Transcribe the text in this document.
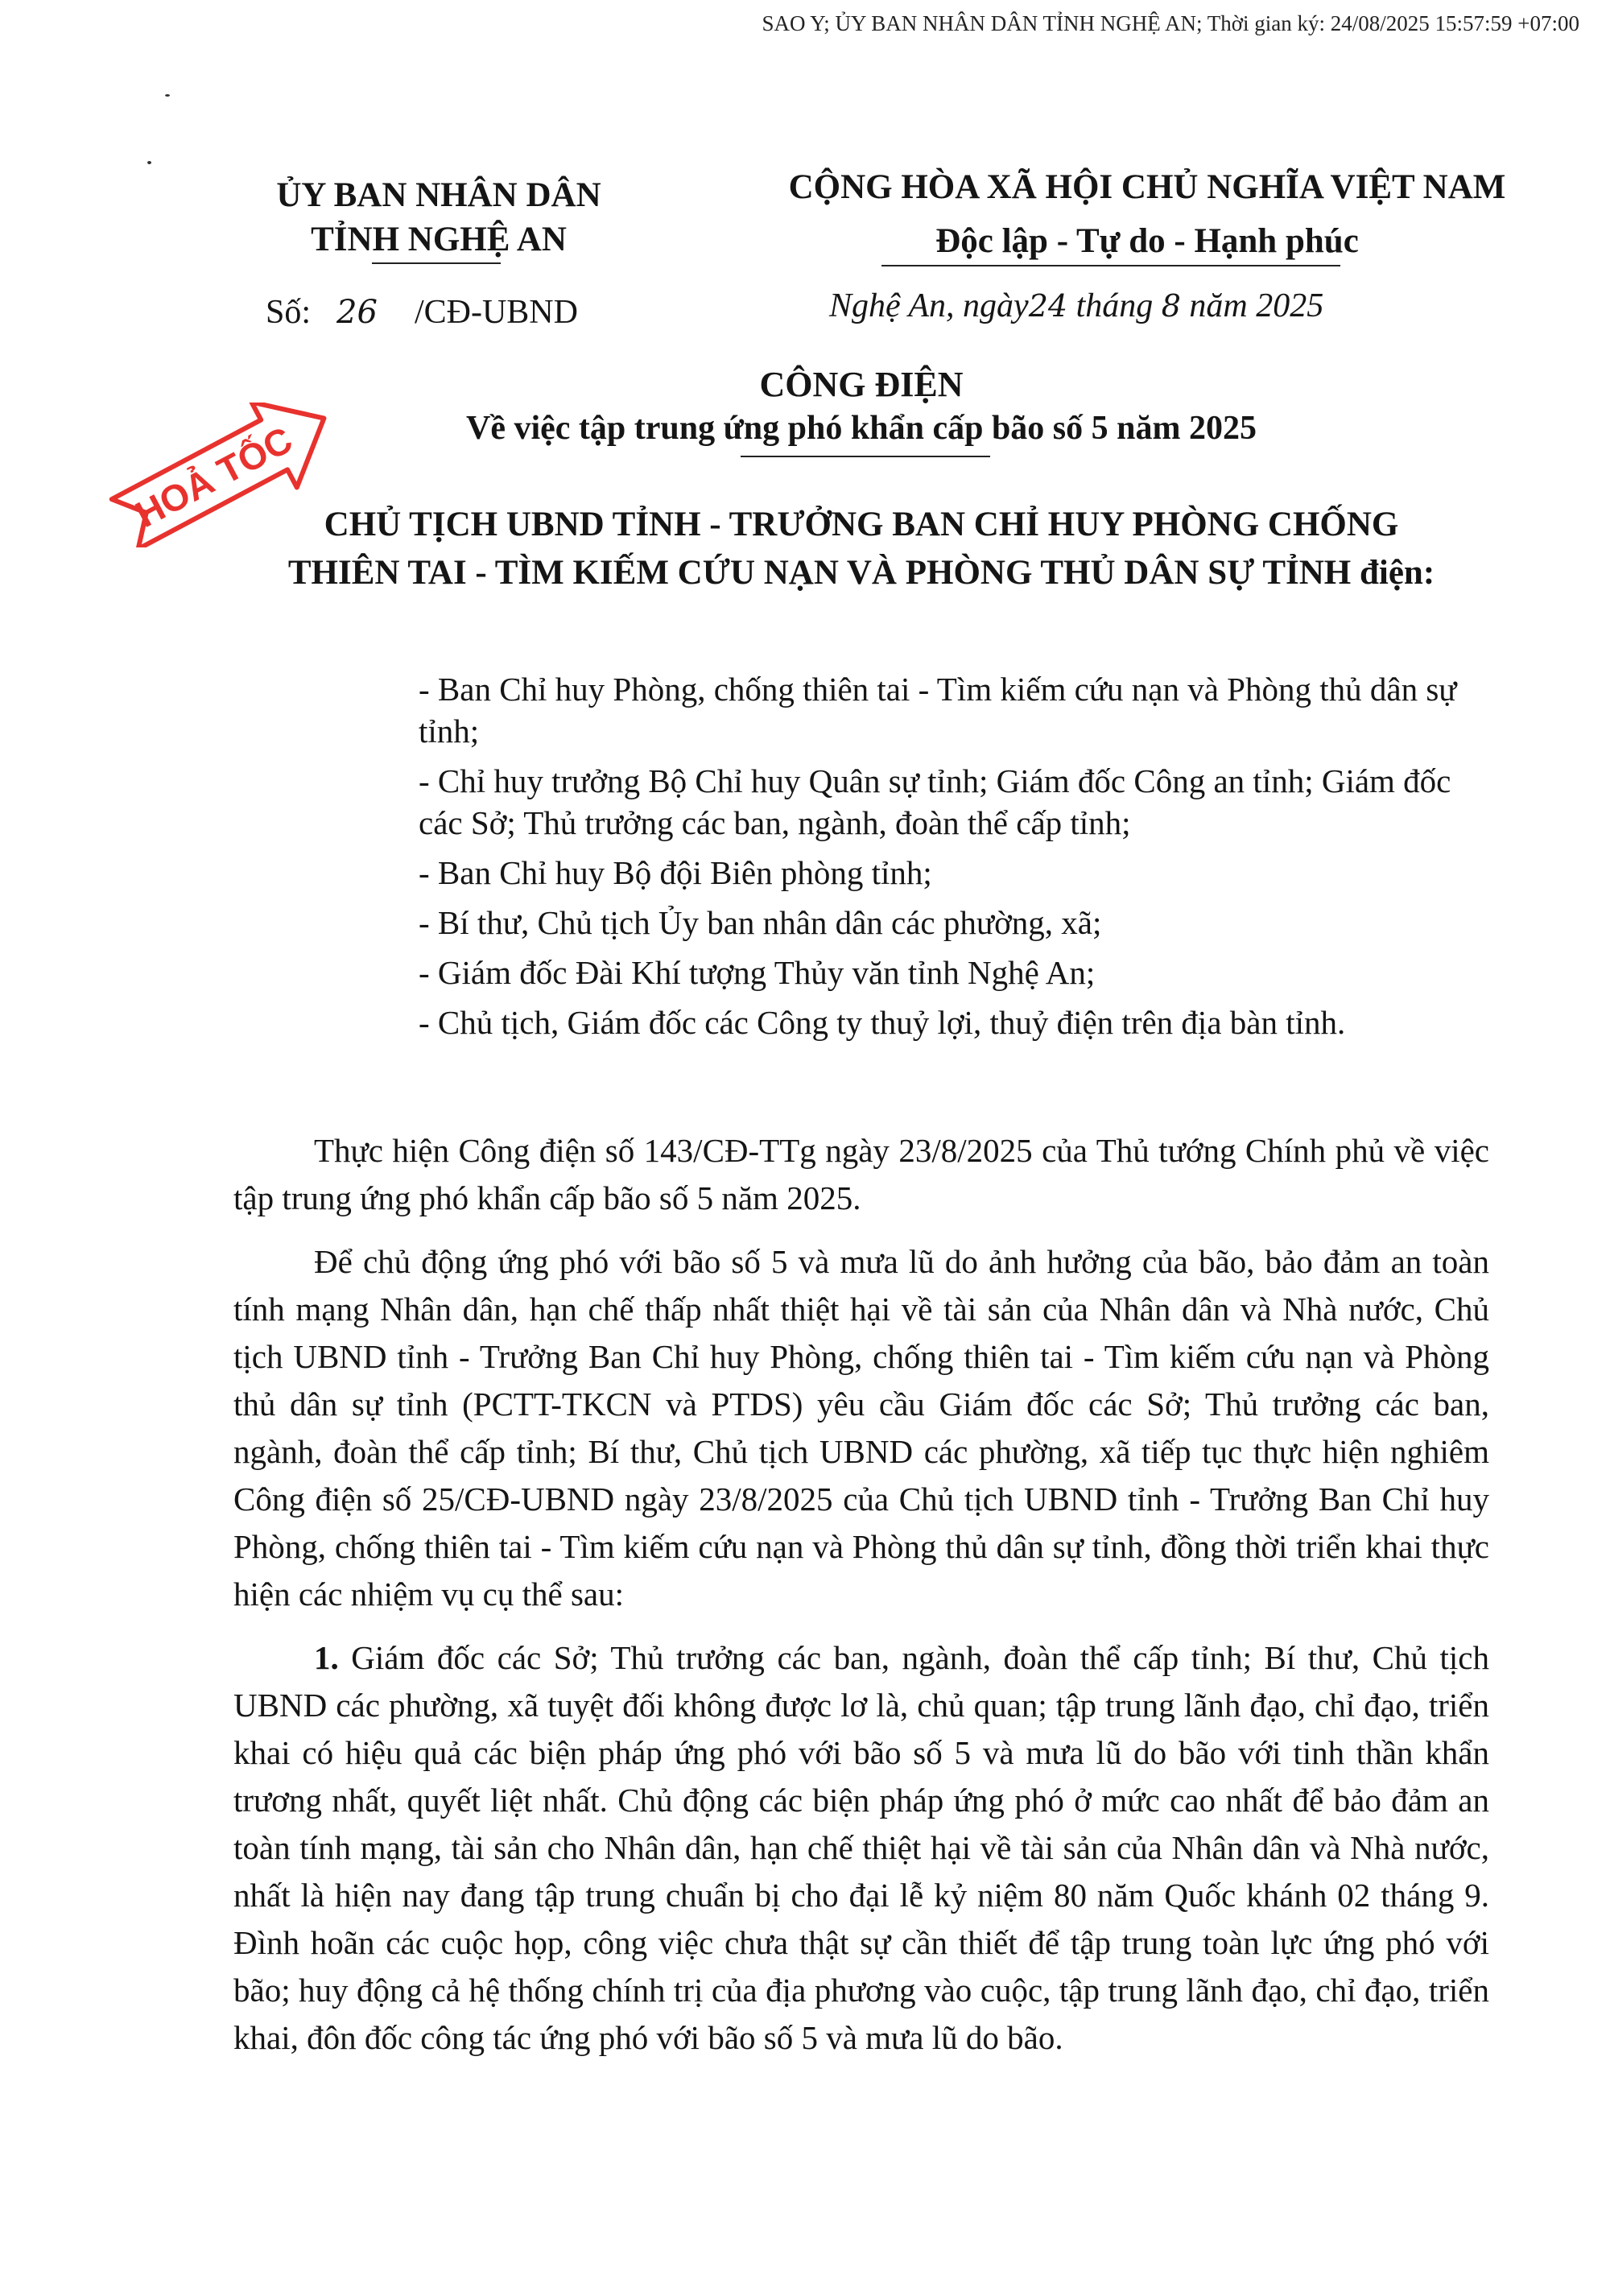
SAO Y; ỦY BAN NHÂN DÂN TỈNH NGHỆ AN; Thời gian ký: 24/08/2025 15:57:59 +07:00
ỦY BAN NHÂN DÂN
TỈNH NGHỆ AN
CỘNG HÒA XÃ HỘI CHỦ NGHĨA VIỆT NAM
Độc lập - Tự do - Hạnh phúc
Số: 26 /CĐ-UBND	Nghệ An, ngày24 tháng 8 năm 2025
CÔNG ĐIỆN
Về việc tập trung ứng phó khẩn cấp bão số 5 năm 2025
HOẢ TỐC CHỦ TỊCH UBND TỈNH - TRƯỞNG BAN CHỈ HUY PHÒNG CHỐNG
THIÊN TAI - TÌM KIẾM CỨU NẠN VÀ PHÒNG THỦ DÂN SỰ TỈNH điện:
- Ban Chỉ huy Phòng, chống thiên tai - Tìm kiếm cứu nạn và Phòng thủ dân sự tỉnh;
- Chỉ huy trưởng Bộ Chỉ huy Quân sự tỉnh; Giám đốc Công an tỉnh; Giám đốc các Sở; Thủ trưởng các ban, ngành, đoàn thể cấp tỉnh;
- Ban Chỉ huy Bộ đội Biên phòng tỉnh;
- Bí thư, Chủ tịch Ủy ban nhân dân các phường, xã;
- Giám đốc Đài Khí tượng Thủy văn tỉnh Nghệ An;
- Chủ tịch, Giám đốc các Công ty thuỷ lợi, thuỷ điện trên địa bàn tỉnh.

Thực hiện Công điện số 143/CĐ-TTg ngày 23/8/2025 của Thủ tướng Chính phủ về việc tập trung ứng phó khẩn cấp bão số 5 năm 2025.

Để chủ động ứng phó với bão số 5 và mưa lũ do ảnh hưởng của bão, bảo đảm an toàn tính mạng Nhân dân, hạn chế thấp nhất thiệt hại về tài sản của Nhân dân và Nhà nước, Chủ tịch UBND tỉnh - Trưởng Ban Chỉ huy Phòng, chống thiên tai - Tìm kiếm cứu nạn và Phòng thủ dân sự tỉnh (PCTT-TKCN và PTDS) yêu cầu Giám đốc các Sở; Thủ trưởng các ban, ngành, đoàn thể cấp tỉnh; Bí thư, Chủ tịch UBND các phường, xã tiếp tục thực hiện nghiêm Công điện số 25/CĐ-UBND ngày 23/8/2025 của Chủ tịch UBND tỉnh - Trưởng Ban Chỉ huy Phòng, chống thiên tai - Tìm kiếm cứu nạn và Phòng thủ dân sự tỉnh, đồng thời triển khai thực hiện các nhiệm vụ cụ thể sau:

1. Giám đốc các Sở; Thủ trưởng các ban, ngành, đoàn thể cấp tỉnh; Bí thư, Chủ tịch UBND các phường, xã tuyệt đối không được lơ là, chủ quan; tập trung lãnh đạo, chỉ đạo, triển khai có hiệu quả các biện pháp ứng phó với bão số 5 và mưa lũ do bão với tinh thần khẩn trương nhất, quyết liệt nhất. Chủ động các biện pháp ứng phó ở mức cao nhất để bảo đảm an toàn tính mạng, tài sản cho Nhân dân, hạn chế thiệt hại về tài sản của Nhân dân và Nhà nước, nhất là hiện nay đang tập trung chuẩn bị cho đại lễ kỷ niệm 80 năm Quốc khánh 02 tháng 9. Đình hoãn các cuộc họp, công việc chưa thật sự cần thiết để tập trung toàn lực ứng phó với bão; huy động cả hệ thống chính trị của địa phương vào cuộc, tập trung lãnh đạo, chỉ đạo, triển khai, đôn đốc công tác ứng phó với bão số 5 và mưa lũ do bão.
